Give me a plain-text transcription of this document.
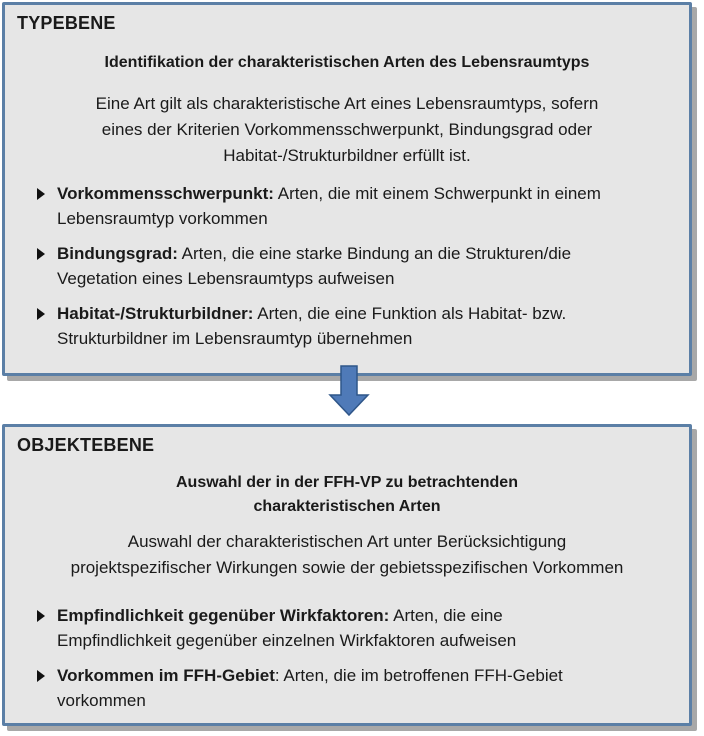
TYPEBENE
Identifikation der charakteristischen Arten des Lebensraumtyps
Eine Art gilt als charakteristische Art eines Lebensraumtyps, sofern
eines der Kriterien Vorkommensschwerpunkt, Bindungsgrad oder
Habitat-/Strukturbildner erfüllt ist.
Vorkommensschwerpunkt: Arten, die mit einem Schwerpunkt in einem
Lebensraumtyp vorkommen
Bindungsgrad: Arten, die eine starke Bindung an die Strukturen/die
Vegetation eines Lebensraumtyps aufweisen
Habitat-/Strukturbildner: Arten, die eine Funktion als Habitat- bzw.
Strukturbildner im Lebensraumtyp übernehmen
OBJEKTEBENE
Auswahl der in der FFH-VP zu betrachtenden
charakteristischen Arten
Auswahl der charakteristischen Art unter Berücksichtigung
projektspezifischer Wirkungen sowie der gebietsspezifischen Vorkommen
Empfindlichkeit gegenüber Wirkfaktoren: Arten, die eine
Empfindlichkeit gegenüber einzelnen Wirkfaktoren aufweisen
Vorkommen im FFH-Gebiet: Arten, die im betroffenen FFH-Gebiet
vorkommen
